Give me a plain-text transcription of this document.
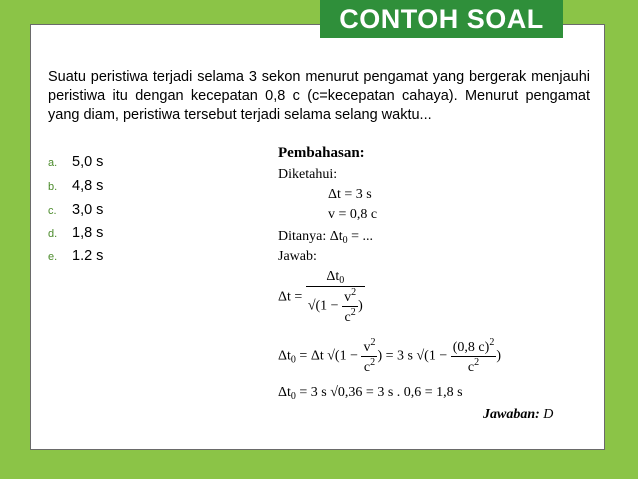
CONTOH SOAL
Suatu peristiwa terjadi selama 3 sekon menurut pengamat yang bergerak menjauhi peristiwa itu dengan kecepatan 0,8 c (c=kecepatan cahaya). Menurut pengamat yang diam, peristiwa tersebut terjadi selama selang waktu...
a. 5,0 s
b. 4,8 s
c. 3,0 s
d. 1,8 s
e. 1.2 s
Pembahasan:
Diketahui:
Δt = 3 s
v = 0,8 c
Ditanya: $\Delta t_0$ = ...
Jawab:
$\Delta t = \frac{\Delta t_0}{√(1 - \frac{v^2}{c^2} )}$
$\Delta t_0 = \Delta t$ $√(1 - \frac{v^2}{c^2}$ ) = 3 s $√(1 - \frac{(0,8 c)^2}{c^2}$ )
$\Delta t_0 = 3$ s √0,36 = 3 s . 0,6 = 1,8 s
Jawaban: D
